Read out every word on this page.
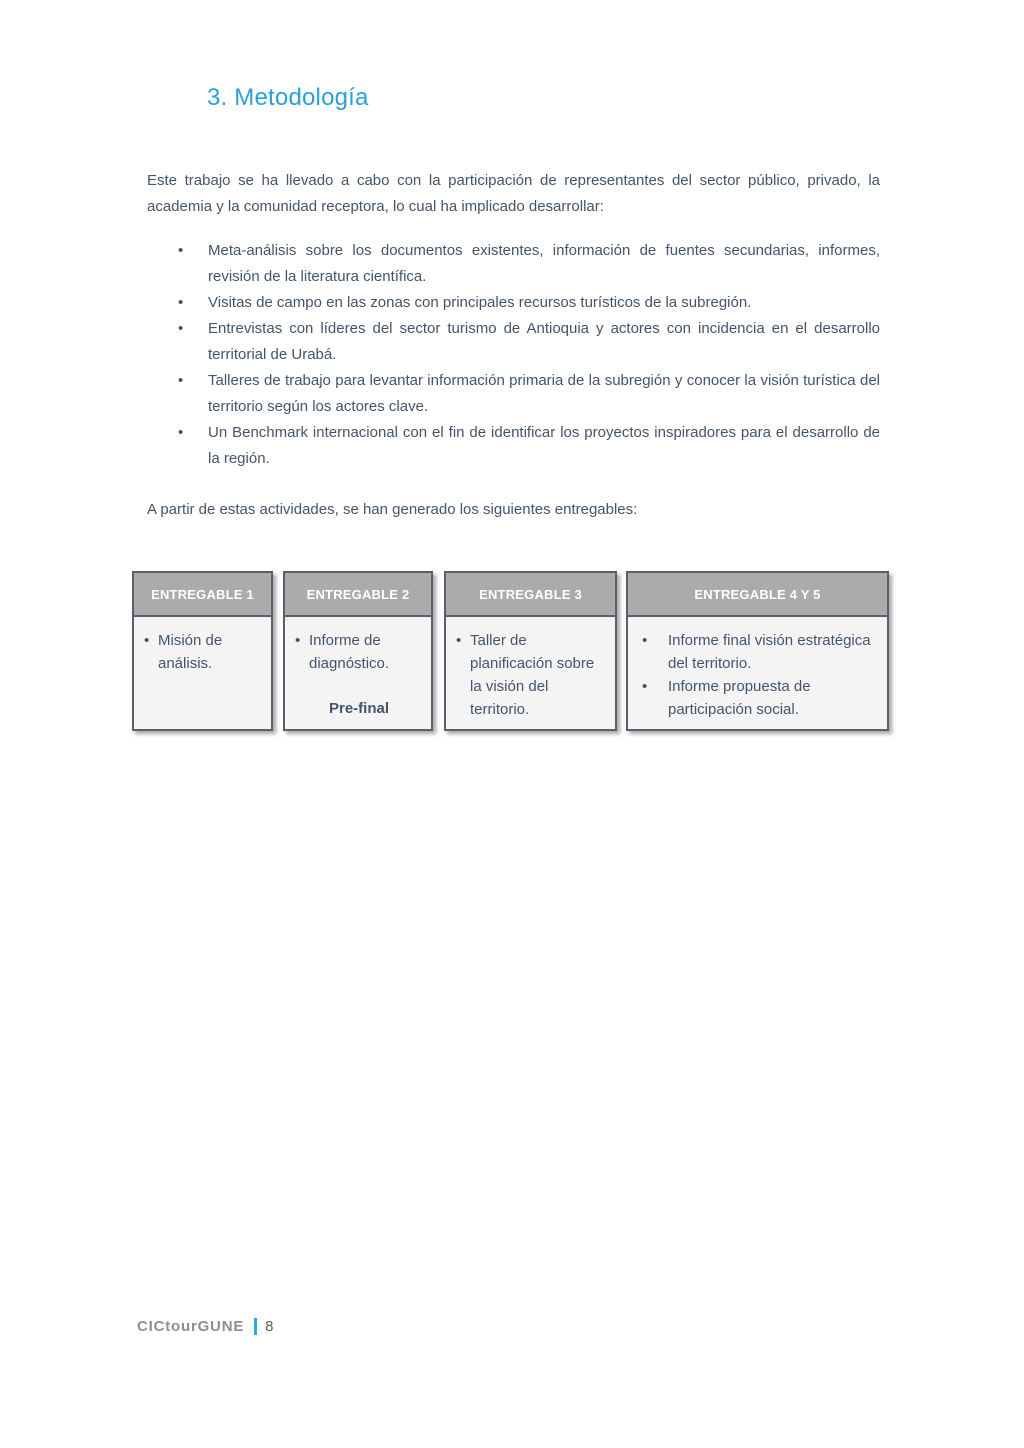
3. Metodología

Este trabajo se ha llevado a cabo con la participación de representantes del sector público, privado, la academia y la comunidad receptora, lo cual ha implicado desarrollar:

•
Meta-análisis sobre los documentos existentes, información de fuentes secundarias, informes, revisión de la literatura científica.
•
Visitas de campo en las zonas con principales recursos turísticos de la subregión.
•
Entrevistas con líderes del sector turismo de Antioquia y actores con incidencia en el desarrollo territorial de Urabá.
•
Talleres de trabajo para levantar información primaria de la subregión y conocer la visión turística del territorio según los actores clave.
•
Un Benchmark internacional con el fin de identificar los proyectos inspiradores para el desarrollo de la región.

A partir de estas actividades, se han generado los siguientes entregables:

ENTREGABLE 1
•
Misión de análisis.
ENTREGABLE 2
•
Informe de diagnóstico.
Pre-final
ENTREGABLE 3
•
Taller de planificación sobre la visión del territorio.
ENTREGABLE 4 Y 5
•
Informe final visión estratégica del territorio.
•
Informe propuesta de participación social.
CICtourGUNE 8
